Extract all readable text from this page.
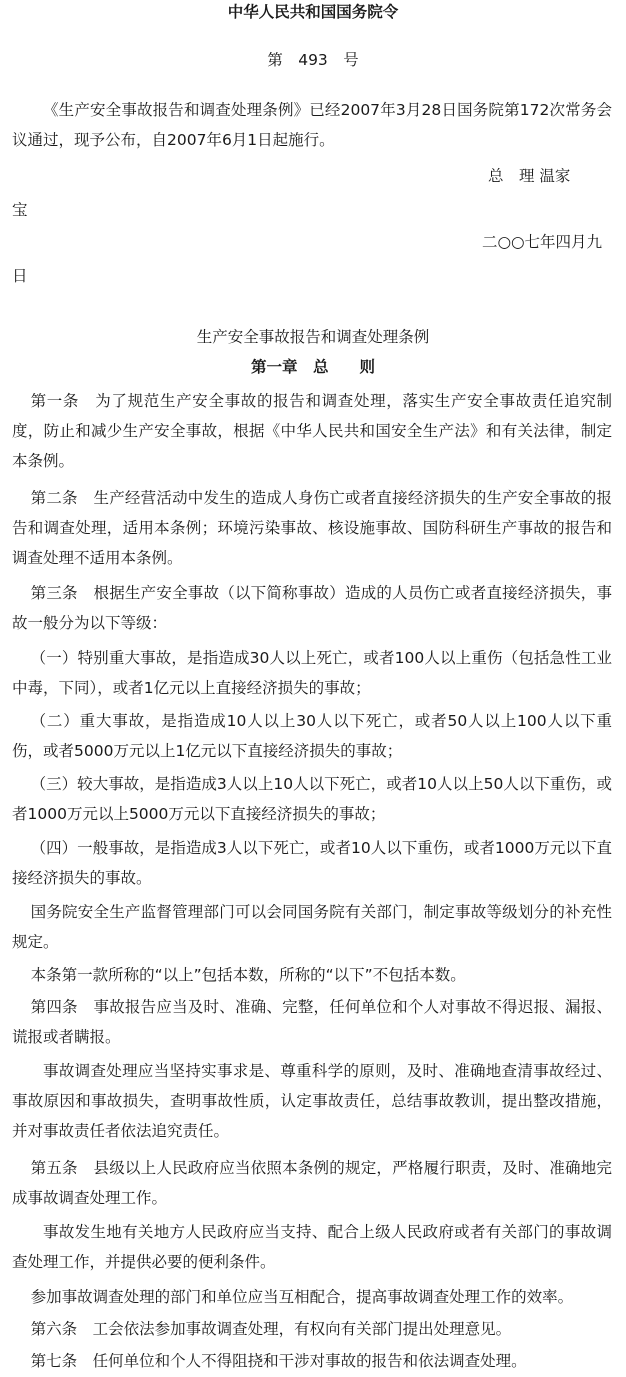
中华人民共和国国务院令
第　493　号
《生产安全事故报告和调查处理条例》已经2007年3月28日国务院第172次常务会议通过，现予公布，自2007年6月1日起施行。
总　理 温家
宝
二○○七年四月九
日
生产安全事故报告和调查处理条例
第一章　总　　则
第一条　为了规范生产安全事故的报告和调查处理，落实生产安全事故责任追究制度，防止和减少生产安全事故，根据《中华人民共和国安全生产法》和有关法律，制定本条例。
第二条　生产经营活动中发生的造成人身伤亡或者直接经济损失的生产安全事故的报告和调查处理，适用本条例；环境污染事故、核设施事故、国防科研生产事故的报告和调查处理不适用本条例。
第三条　根据生产安全事故（以下简称事故）造成的人员伤亡或者直接经济损失，事故一般分为以下等级：
（一）特别重大事故，是指造成30人以上死亡，或者100人以上重伤（包括急性工业中毒，下同），或者1亿元以上直接经济损失的事故；
（二）重大事故，是指造成10人以上30人以下死亡，或者50人以上100人以下重伤，或者5000万元以上1亿元以下直接经济损失的事故；
（三）较大事故，是指造成3人以上10人以下死亡，或者10人以上50人以下重伤，或者1000万元以上5000万元以下直接经济损失的事故；
（四）一般事故，是指造成3人以下死亡，或者10人以下重伤，或者1000万元以下直接经济损失的事故。
国务院安全生产监督管理部门可以会同国务院有关部门，制定事故等级划分的补充性规定。
本条第一款所称的“以上”包括本数，所称的“以下”不包括本数。
第四条　事故报告应当及时、准确、完整，任何单位和个人对事故不得迟报、漏报、谎报或者瞒报。
事故调查处理应当坚持实事求是、尊重科学的原则，及时、准确地查清事故经过、事故原因和事故损失，查明事故性质，认定事故责任，总结事故教训，提出整改措施，并对事故责任者依法追究责任。
第五条　县级以上人民政府应当依照本条例的规定，严格履行职责，及时、准确地完成事故调查处理工作。
事故发生地有关地方人民政府应当支持、配合上级人民政府或者有关部门的事故调查处理工作，并提供必要的便利条件。
参加事故调查处理的部门和单位应当互相配合，提高事故调查处理工作的效率。
第六条　工会依法参加事故调查处理，有权向有关部门提出处理意见。
第七条　任何单位和个人不得阻挠和干涉对事故的报告和依法调查处理。
